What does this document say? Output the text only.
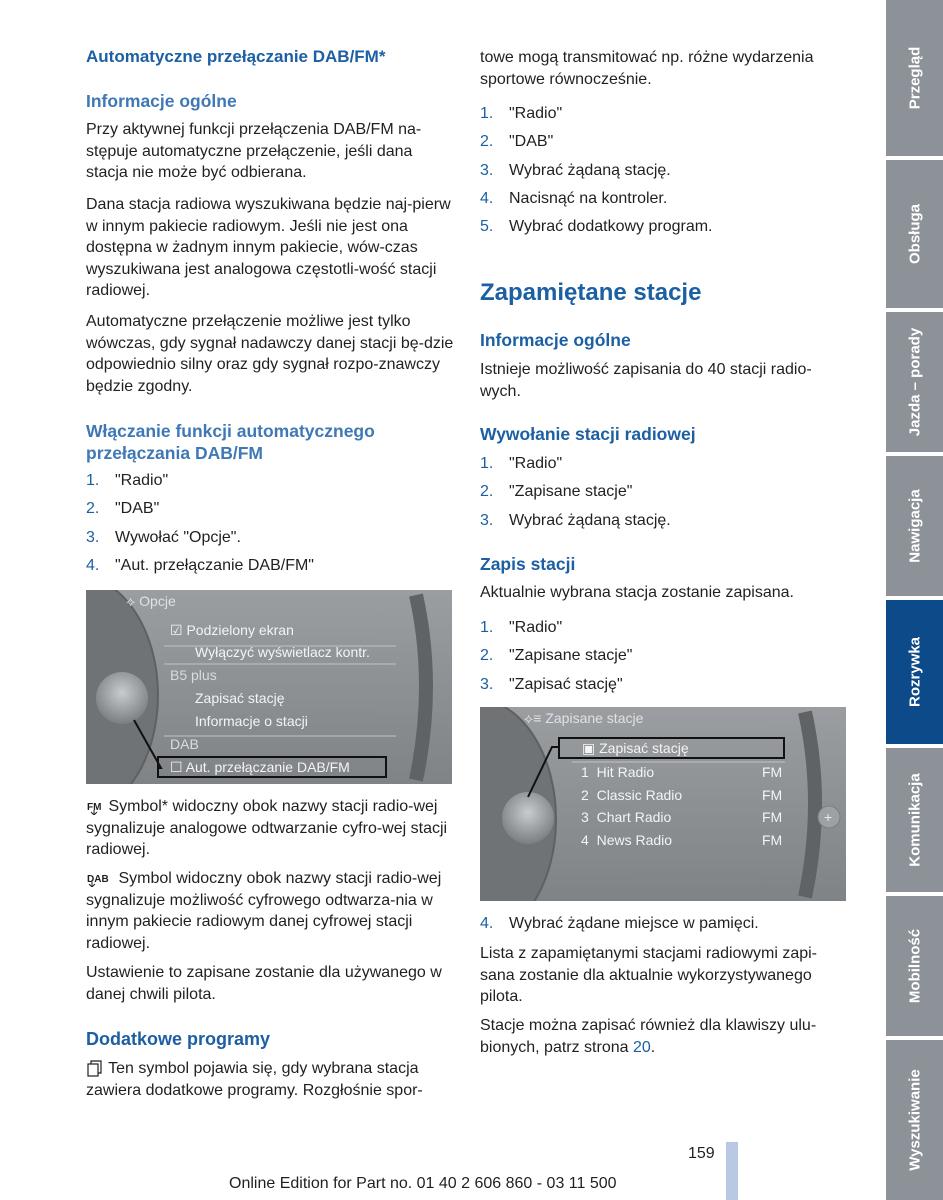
Automatyczne przełączanie DAB/FM*
Informacje ogólne

Przy aktywnej funkcji przełączenia DAB/FM na-stępuje automatyczne przełączenie, jeśli dana stacja nie może być odbierana.

Dana stacja radiowa wyszukiwana będzie naj-pierw w innym pakiecie radiowym. Jeśli nie jest ona dostępna w żadnym innym pakiecie, wów-czas wyszukiwana jest analogowa częstotli-wość stacji radiowej.

Automatyczne przełączenie możliwe jest tylko wówczas, gdy sygnał nadawczy danej stacji bę-dzie odpowiednio silny oraz gdy sygnał rozpo-znawczy będzie zgodny.

Włączanie funkcji automatycznego przełączania DAB/FM
1. "Radio"
2. "DAB"
3. Wywołać "Opcje".
4. "Aut. przełączanie DAB/FM"
⟡ Opcje
☑ Podzielony ekran
Wyłączyć wyświetlacz kontr.
B5 plus
Zapisać stację
Informacje o stacji
DAB
☐ Aut. przełączanie DAB/FM

FM Symbol* widoczny obok nazwy stacji radio-wej sygnalizuje analogowe odtwarzanie cyfro-wej stacji radiowej.

DAB Symbol widoczny obok nazwy stacji radio-wej sygnalizuje możliwość cyfrowego odtwarza-nia w innym pakiecie radiowym danej cyfrowej stacji radiowej.

Ustawienie to zapisane zostanie dla używanego w danej chwili pilota.

Dodatkowe programy

Ten symbol pojawia się, gdy wybrana stacja zawiera dodatkowe programy. Rozgłośnie spor-

towe mogą transmitować np. różne wydarzenia sportowe równocześnie.

1. "Radio"
2. "DAB"
3. Wybrać żądaną stację.
4. Nacisnąć na kontroler.
5. Wybrać dodatkowy program.
Zapamiętane stacje
Informacje ogólne

Istnieje możliwość zapisania do 40 stacji radio-wych.

Wywołanie stacji radiowej
1. "Radio"
2. "Zapisane stacje"
3. Wybrać żądaną stację.
Zapis stacji

Aktualnie wybrana stacja zostanie zapisana.

1. "Radio"
2. "Zapisane stacje"
3. "Zapisać stację"
+
⟡≡ Zapisane stacje
▣ Zapisać stację
1 Hit Radio	FM
2 Classic Radio	FM
3 Chart Radio	FM
4 News Radio	FM
4. Wybrać żądane miejsce w pamięci.

Lista z zapamiętanymi stacjami radiowymi zapi-sana zostanie dla aktualnie wykorzystywanego pilota.

Stacje można zapisać również dla klawiszy ulu-bionych, patrz strona 20.

Przegląd
Obsługa
Jazda – porady
Nawigacja
Rozrywka
Komunikacja
Mobilność
Wyszukiwanie
159
Online Edition for Part no. 01 40 2 606 860 - 03 11 500
